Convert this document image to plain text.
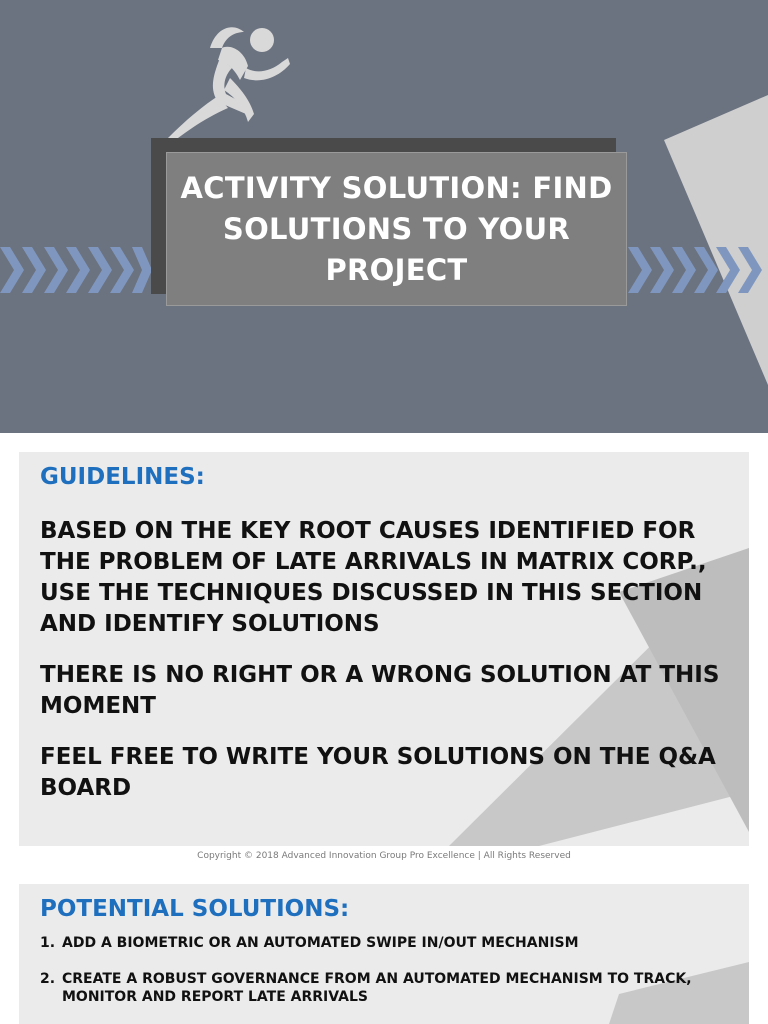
ACTIVITY SOLUTION: FIND SOLUTIONS TO YOUR PROJECT
GUIDELINES:
BASED ON THE KEY ROOT CAUSES IDENTIFIED FOR THE PROBLEM OF LATE ARRIVALS IN MATRIX CORP., USE THE TECHNIQUES DISCUSSED IN THIS SECTION AND IDENTIFY SOLUTIONS
THERE IS NO RIGHT OR A WRONG SOLUTION AT THIS MOMENT
FEEL FREE TO WRITE YOUR SOLUTIONS ON THE Q&A BOARD
Copyright © 2018 Advanced Innovation Group Pro Excellence | All Rights Reserved
POTENTIAL SOLUTIONS:
1. ADD A BIOMETRIC OR AN AUTOMATED SWIPE IN/OUT MECHANISM
2. CREATE A ROBUST GOVERNANCE FROM AN AUTOMATED MECHANISM TO TRACK, MONITOR AND REPORT LATE ARRIVALS
